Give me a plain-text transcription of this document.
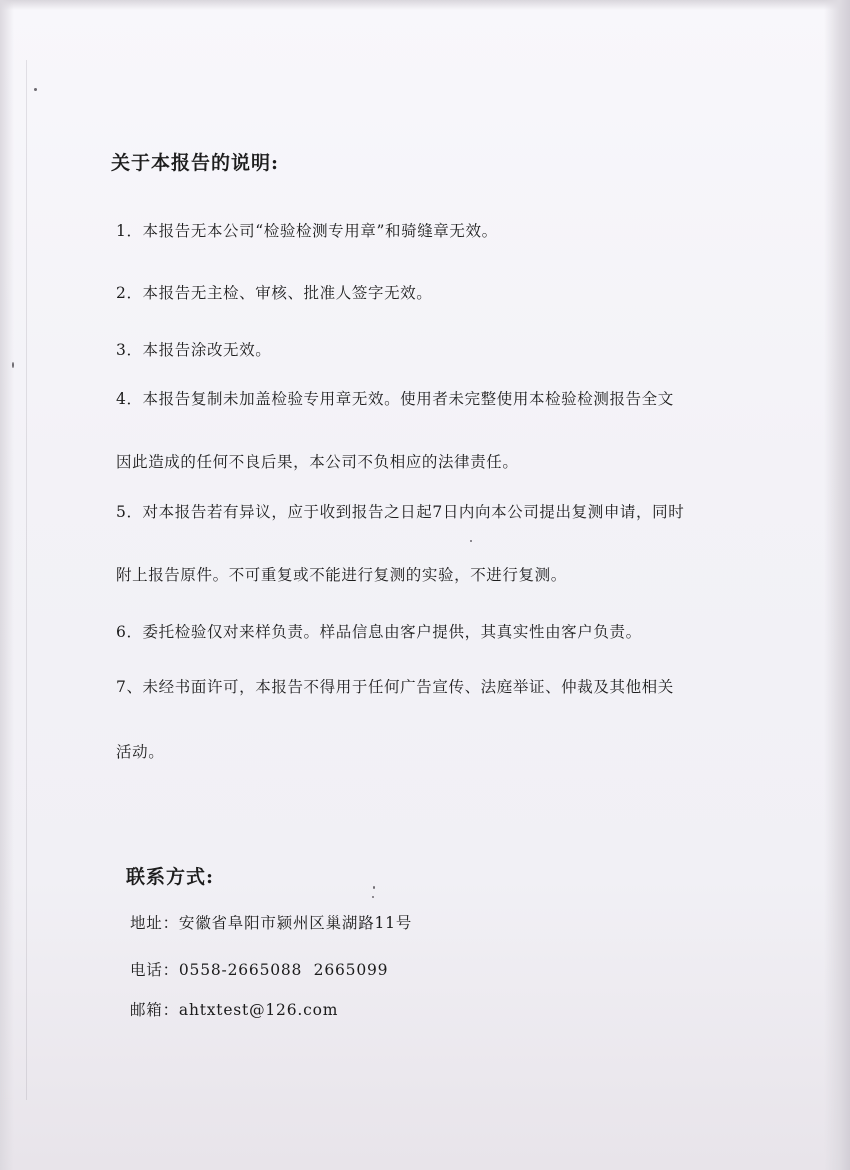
关于本报告的说明:
1．本报告无本公司“检验检测专用章”和骑缝章无效。
2．本报告无主检、审核、批准人签字无效。
3．本报告涂改无效。
4．本报告复制未加盖检验专用章无效。使用者未完整使用本检验检测报告全文
因此造成的任何不良后果，本公司不负相应的法律责任。
5．对本报告若有异议，应于收到报告之日起7日内向本公司提出复测申请，同时
附上报告原件。不可重复或不能进行复测的实验，不进行复测。
6．委托检验仅对来样负责。样品信息由客户提供，其真实性由客户负责。
7、未经书面许可，本报告不得用于任何广告宣传、法庭举证、仲裁及其他相关
活动。
联系方式:
地址：安徽省阜阳市颍州区巢湖路11号
电话：0558-2665088  2665099
邮箱：ahtxtest@126.com
